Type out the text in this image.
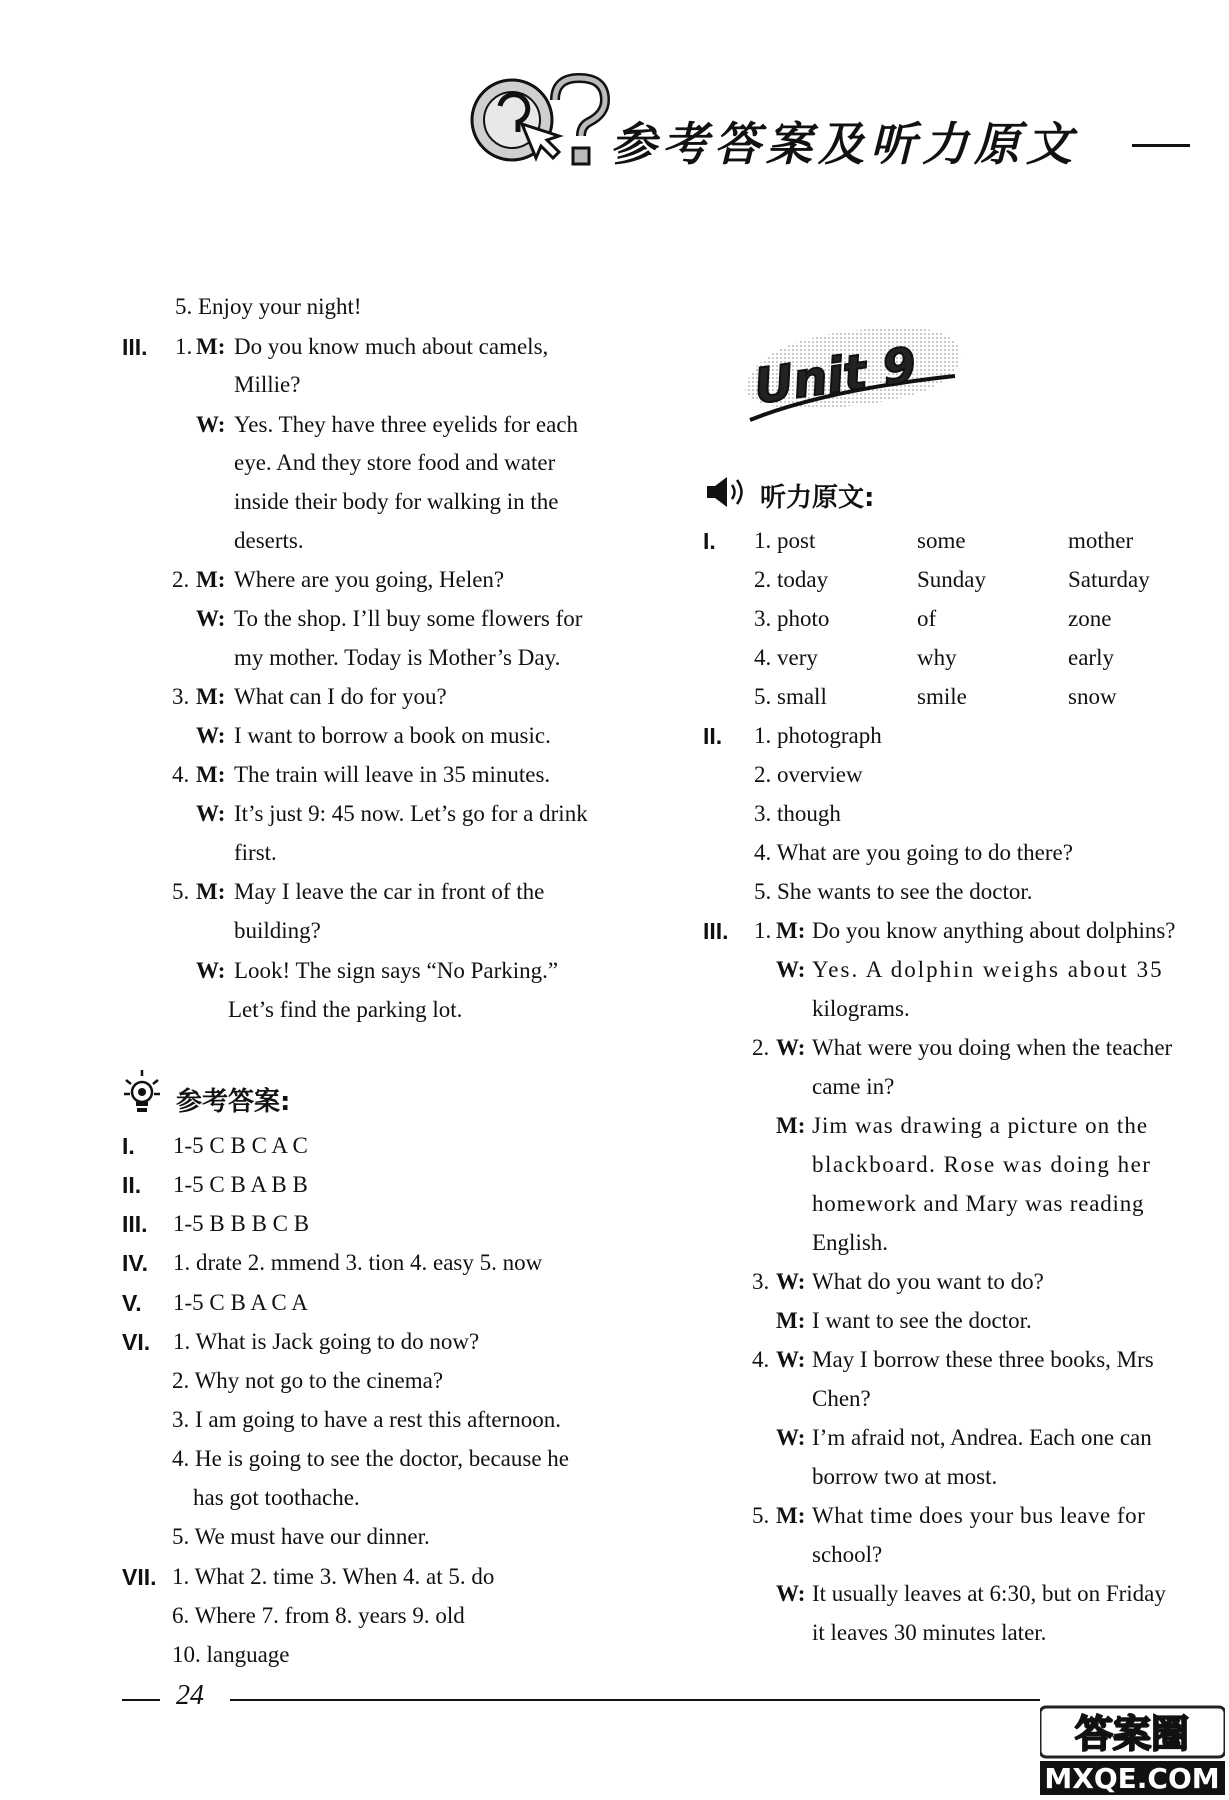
参考答案及听力原文
5. Enjoy your night!
III. 1. M: Do you know much about camels,
Millie?
W: Yes. They have three eyelids for each
eye. And they store food and water
inside their body for walking in the
deserts.
2. M: Where are you going, Helen?
W: To the shop. I’ll buy some flowers for
my mother. Today is Mother’s Day.
3. M: What can I do for you?
W: I want to borrow a book on music.
4. M: The train will leave in 35 minutes.
W: It’s just 9: 45 now. Let’s go for a drink
first.
5. M: May I leave the car in front of the
building?
W: Look! The sign says “No Parking.”
Let’s find the parking lot.
参考答案:
I. 1-5 C B C A C
II. 1-5 C B A B B
III. 1-5 B B B C B
IV. 1. drate 2. mmend 3. tion 4. easy 5. now
V. 1-5 C B A C A
VI. 1. What is Jack going to do now?
2. Why not go to the cinema?
3. I am going to have a rest this afternoon.
4. He is going to see the doctor, because he
has got toothache.
5. We must have our dinner.
VII. 1. What 2. time 3. When 4. at 5. do
6. Where 7. from 8. years 9. old
10. language
Unit 9
听力原文:
I. 1. post	some	mother
2. today	Sunday	Saturday
3. photo	of	zone
4. very	why	early
5. small	smile	snow
II. 1. photograph
2. overview
3. though
4. What are you going to do there?
5. She wants to see the doctor.
III. 1. M: Do you know anything about dolphins?
W: Yes. A dolphin weighs about 35
kilograms.
2. W: What were you doing when the teacher
came in?
M: Jim was drawing a picture on the
blackboard. Rose was doing her
homework and Mary was reading
English.
3. W: What do you want to do?
M: I want to see the doctor.
4. W: May I borrow these three books, Mrs
Chen?
W: I’m afraid not, Andrea. Each one can
borrow two at most.
5. M: What time does your bus leave for
school?
W: It usually leaves at 6:30, but on Friday
it leaves 30 minutes later.
24
答案圈
MXQE.COM
